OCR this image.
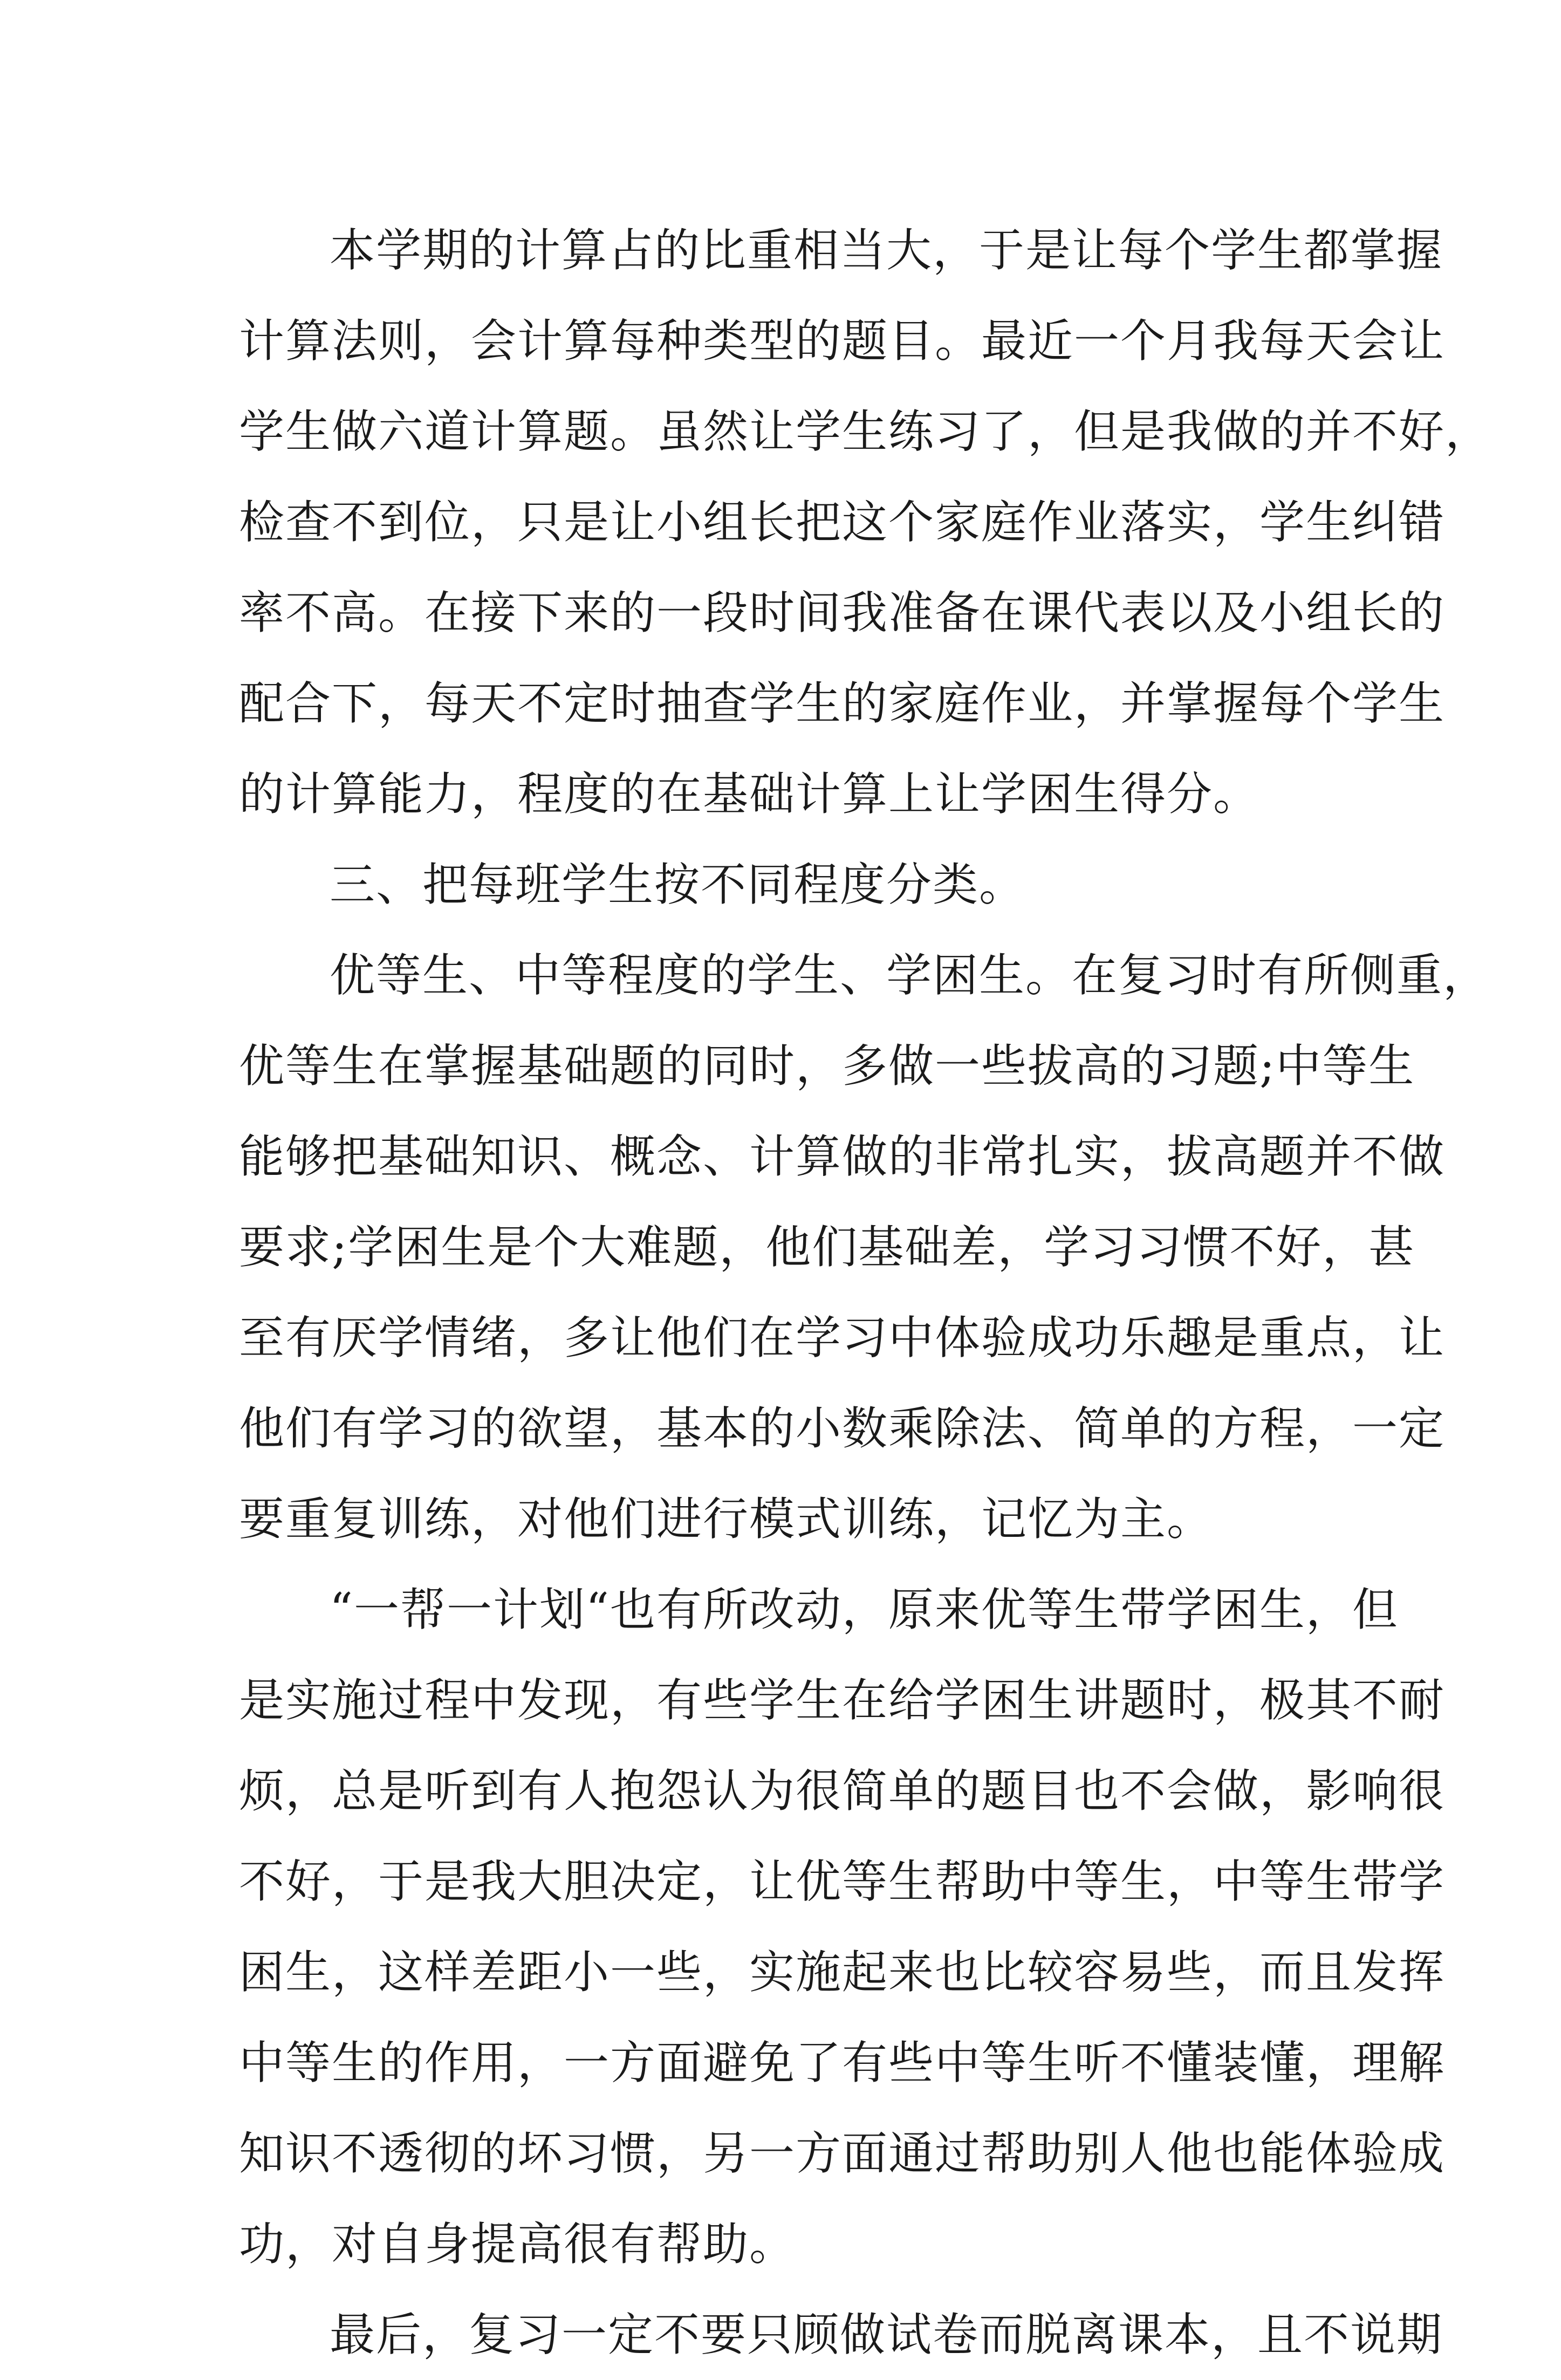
本学期的计算占的比重相当大，于是让每个学生都掌握
计算法则，会计算每种类型的题目。最近一个月我每天会让
学生做六道计算题。虽然让学生练习了，但是我做的并不好，
检查不到位，只是让小组长把这个家庭作业落实，学生纠错
率不高。在接下来的一段时间我准备在课代表以及小组长的
配合下，每天不定时抽查学生的家庭作业，并掌握每个学生
的计算能力，程度的在基础计算上让学困生得分。
三、把每班学生按不同程度分类。
优等生、中等程度的学生、学困生。在复习时有所侧重，
优等生在掌握基础题的同时，多做一些拔高的习题;中等生
能够把基础知识、概念、计算做的非常扎实，拔高题并不做
要求;学困生是个大难题，他们基础差，学习习惯不好，甚
至有厌学情绪，多让他们在学习中体验成功乐趣是重点，让
他们有学习的欲望，基本的小数乘除法、简单的方程，一定
要重复训练，对他们进行模式训练，记忆为主。
“一帮一计划“也有所改动，原来优等生带学困生，但
是实施过程中发现，有些学生在给学困生讲题时，极其不耐
烦，总是听到有人抱怨认为很简单的题目也不会做，影响很
不好，于是我大胆决定，让优等生帮助中等生，中等生带学
困生，这样差距小一些，实施起来也比较容易些，而且发挥
中等生的作用，一方面避免了有些中等生听不懂装懂，理解
知识不透彻的坏习惯，另一方面通过帮助别人他也能体验成
功，对自身提高很有帮助。
最后，复习一定不要只顾做试卷而脱离课本，且不说期
